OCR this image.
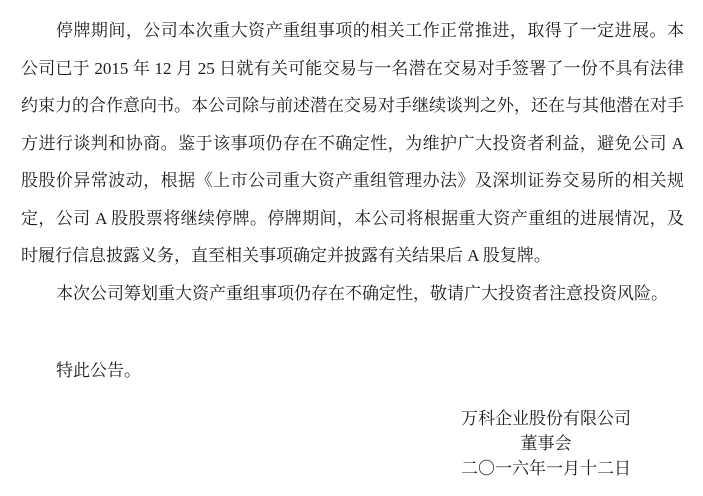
停牌期间，公司本次重大资产重组事项的相关工作正常推进，取得了一定进展。本公司已于 2015 年 12 月 25 日就有关可能交易与一名潜在交易对手签署了一份不具有法律约束力的合作意向书。本公司除与前述潜在交易对手继续谈判之外，还在与其他潜在对手方进行谈判和协商。鉴于该事项仍存在不确定性，为维护广大投资者利益，避免公司 A 股股价异常波动，根据《上市公司重大资产重组管理办法》及深圳证券交易所的相关规定，公司 A 股股票将继续停牌。停牌期间，本公司将根据重大资产重组的进展情况，及时履行信息披露义务，直至相关事项确定并披露有关结果后 A 股复牌。

本次公司筹划重大资产重组事项仍存在不确定性，敬请广大投资者注意投资风险。

特此公告。

万科企业股份有限公司
董事会
二〇一六年一月十二日
